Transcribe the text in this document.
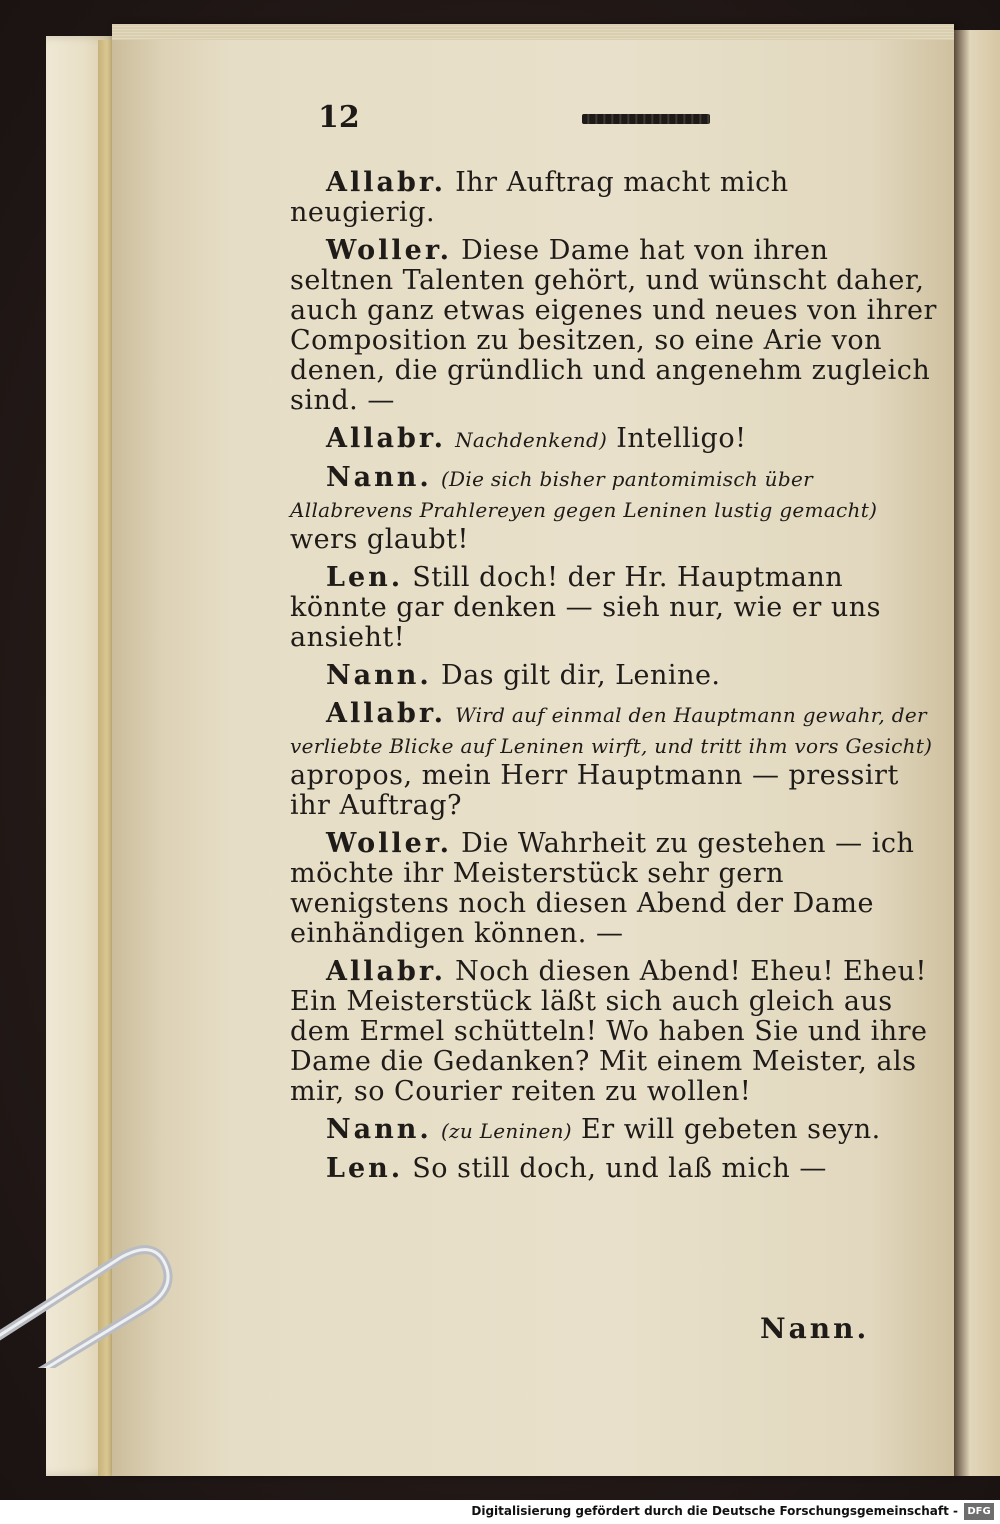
12

Allabr. Ihr Auftrag macht mich neugierig.

Woller. Diese Dame hat von ihren seltnen Talenten gehört, und wünscht daher, auch ganz etwas eigenes und neues von ihrer Composition zu besitzen, so eine Arie von denen, die gründlich und angenehm zugleich sind. —

Allabr. Nachdenkend) Intelligo!

Nann. (Die sich bisher pantomimisch über Allabrevens Prahlereyen gegen Leninen lustig gemacht) wers glaubt!

Len. Still doch! der Hr. Hauptmann könnte gar denken — sieh nur, wie er uns ansieht!

Nann. Das gilt dir, Lenine.

Allabr. Wird auf einmal den Hauptmann gewahr, der verliebte Blicke auf Leninen wirft, und tritt ihm vors Gesicht) apropos, mein Herr Hauptmann — pressirt ihr Auftrag?

Woller. Die Wahrheit zu gestehen — ich möchte ihr Meisterstück sehr gern wenigstens noch diesen Abend der Dame einhändigen können. —

Allabr. Noch diesen Abend! Eheu! Eheu! Ein Meisterstück läßt sich auch gleich aus dem Ermel schütteln! Wo haben Sie und ihre Dame die Gedanken? Mit einem Meister, als mir, so Courier reiten zu wollen!

Nann. (zu Leninen) Er will gebeten seyn.

Len. So still doch, und laß mich —

Nann.
Digitalisierung gefördert durch die Deutsche Forschungsgemeinschaft - DFG
